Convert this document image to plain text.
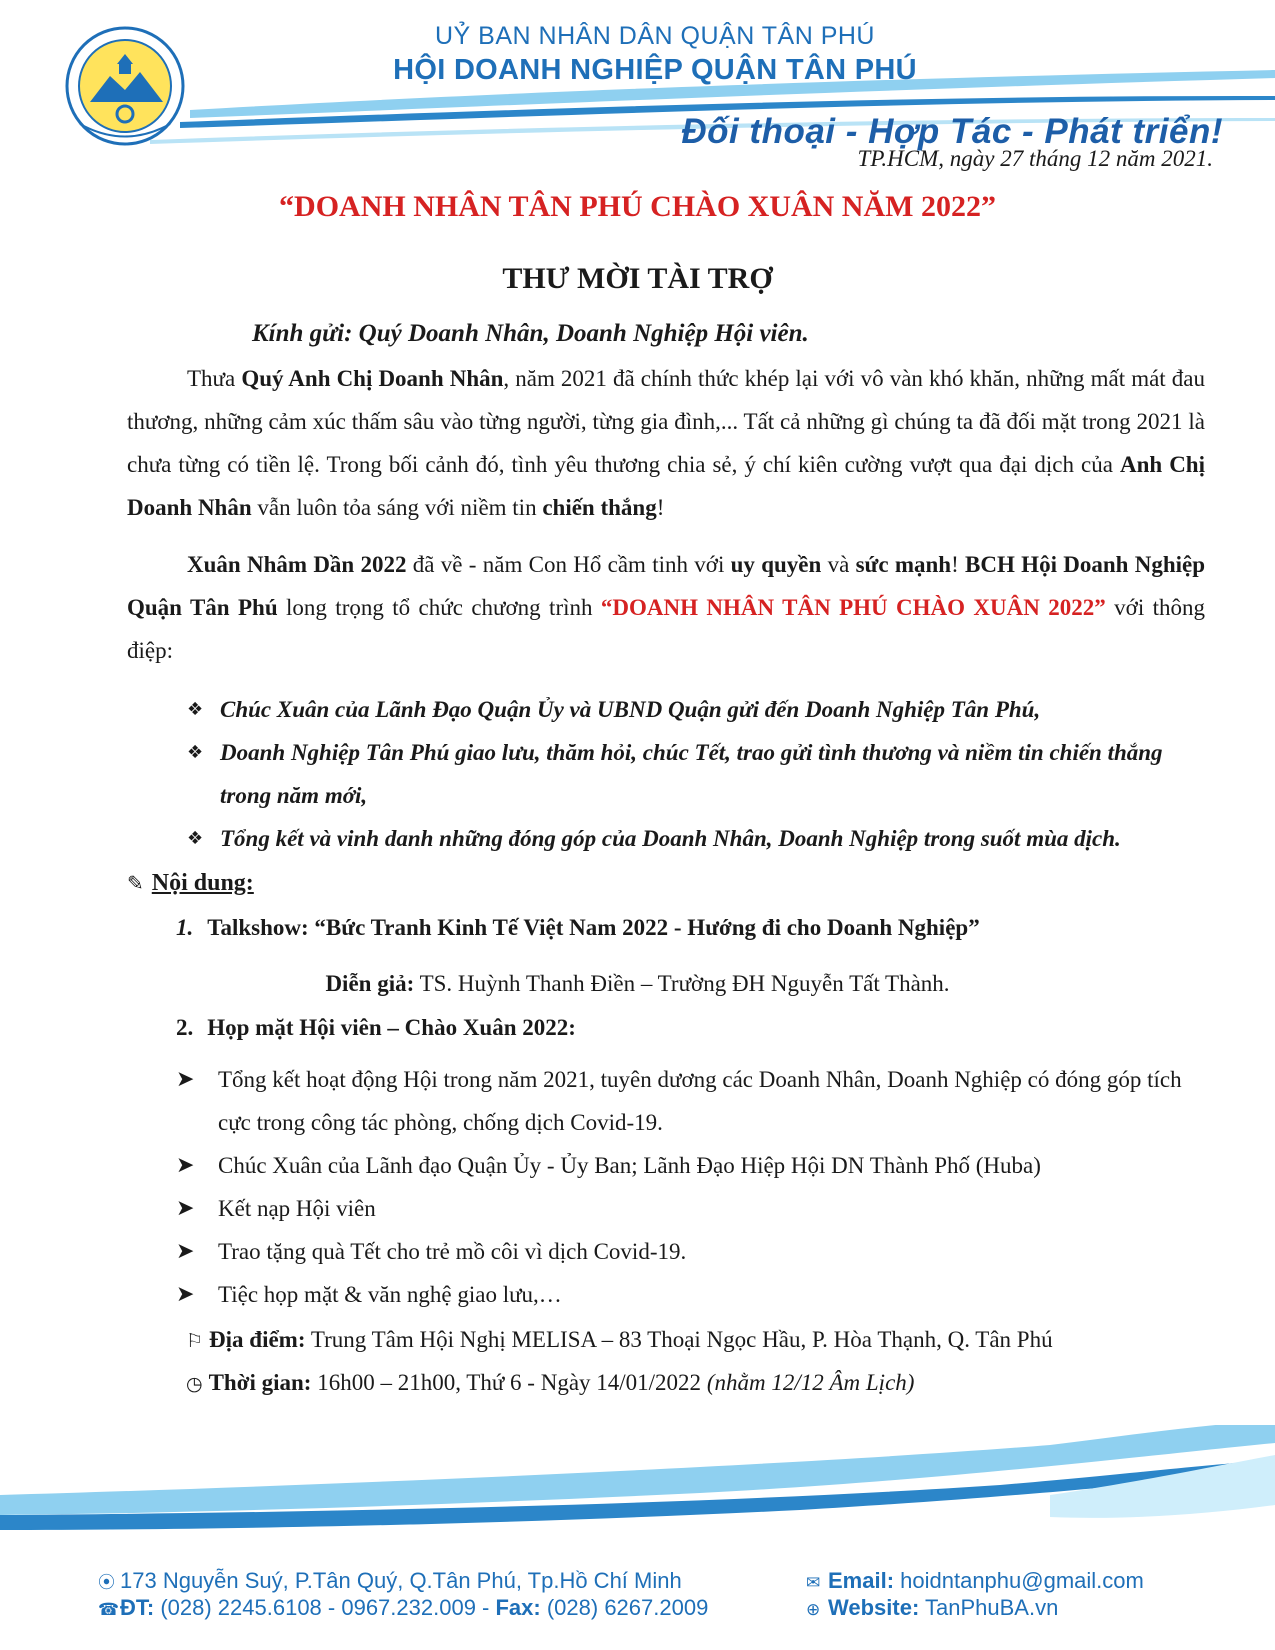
UỶ BAN NHÂN DÂN QUẬN TÂN PHÚ
HỘI DOANH NGHIỆP QUẬN TÂN PHÚ
Đối thoại - Hợp Tác - Phát triển!
TP.HCM, ngày 27 tháng 12 năm 2021.
“DOANH NHÂN TÂN PHÚ CHÀO XUÂN NĂM 2022”
THƯ MỜI TÀI TRỢ
Kính gửi: Quý Doanh Nhân, Doanh Nghiệp Hội viên.
Thưa Quý Anh Chị Doanh Nhân, năm 2021 đã chính thức khép lại với vô vàn khó khăn, những mất mát đau thương, những cảm xúc thấm sâu vào từng người, từng gia đình,... Tất cả những gì chúng ta đã đối mặt trong 2021 là chưa từng có tiền lệ. Trong bối cảnh đó, tình yêu thương chia sẻ, ý chí kiên cường vượt qua đại dịch của Anh Chị Doanh Nhân vẫn luôn tỏa sáng với niềm tin chiến thắng!
Xuân Nhâm Dần 2022 đã về - năm Con Hổ cầm tinh với uy quyền và sức mạnh! BCH Hội Doanh Nghiệp Quận Tân Phú long trọng tổ chức chương trình “DOANH NHÂN TÂN PHÚ CHÀO XUÂN 2022” với thông điệp:
❖ Chúc Xuân của Lãnh Đạo Quận Ủy và UBND Quận gửi đến Doanh Nghiệp Tân Phú,
❖ Doanh Nghiệp Tân Phú giao lưu, thăm hỏi, chúc Tết, trao gửi tình thương và niềm tin chiến thắng trong năm mới,
❖ Tổng kết và vinh danh những đóng góp của Doanh Nhân, Doanh Nghiệp trong suốt mùa dịch.
✎ Nội dung:
1. Talkshow: “Bức Tranh Kinh Tế Việt Nam 2022 - Hướng đi cho Doanh Nghiệp”
Diễn giả: TS. Huỳnh Thanh Điền – Trường ĐH Nguyễn Tất Thành.
2. Họp mặt Hội viên – Chào Xuân 2022:
➤ Tổng kết hoạt động Hội trong năm 2021, tuyên dương các Doanh Nhân, Doanh Nghiệp có đóng góp tích cực trong công tác phòng, chống dịch Covid-19.
➤ Chúc Xuân của Lãnh đạo Quận Ủy - Ủy Ban; Lãnh Đạo Hiệp Hội DN Thành Phố (Huba)
➤ Kết nạp Hội viên
➤ Trao tặng quà Tết cho trẻ mồ côi vì dịch Covid-19.
➤ Tiệc họp mặt & văn nghệ giao lưu,…
⚐ Địa điểm: Trung Tâm Hội Nghị MELISA – 83 Thoại Ngọc Hầu, P. Hòa Thạnh, Q. Tân Phú
◷ Thời gian: 16h00 – 21h00, Thứ 6 - Ngày 14/01/2022 (nhằm 12/12 Âm Lịch)
⦿ 173 Nguyễn Suý, P.Tân Quý, Q.Tân Phú, Tp.Hồ Chí Minh
☎ĐT: (028) 2245.6108 - 0967.232.009 - Fax: (028) 6267.2009
✉ Email: hoidntanphu@gmail.com
⊕ Website: TanPhuBA.vn
